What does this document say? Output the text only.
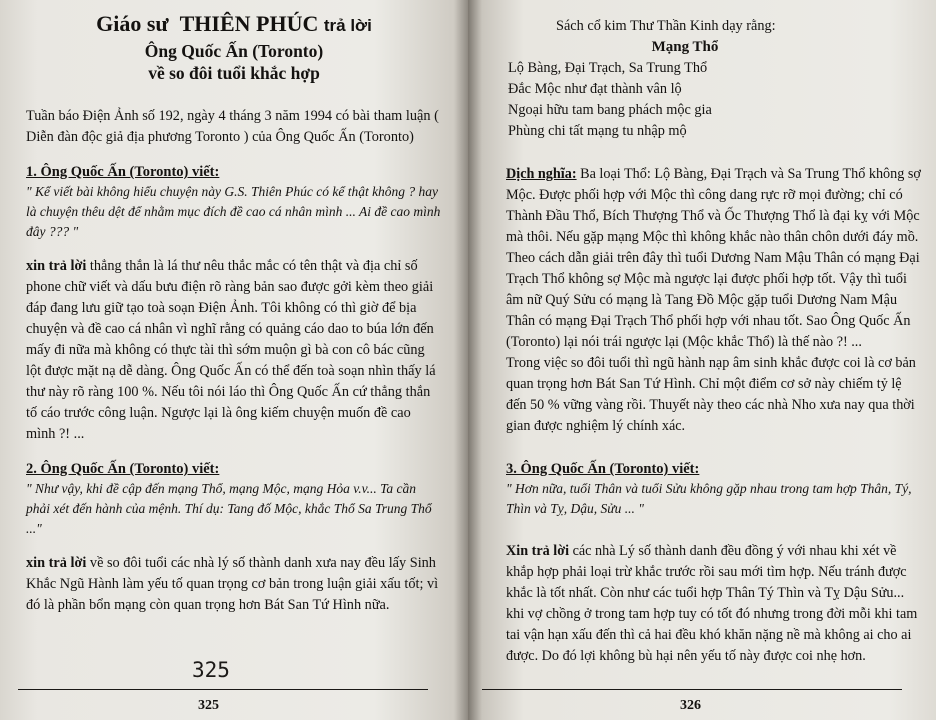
Giáo sư THIÊN PHÚC trả lời

Ông Quốc Ấn (Toronto)

về so đôi tuổi khắc hợp

Tuần báo Điện Ảnh số 192, ngày 4 tháng 3 năm 1994 có bài tham luận ( Diễn đàn độc giả địa phương Toronto ) của Ông Quốc Ấn (Toronto)

1. Ông Quốc Ấn (Toronto) viết:

" Kể viết bài không hiểu chuyện này G.S. Thiên Phúc có kể thật không ? hay là chuyện thêu dệt để nhằm mục đích đề cao cá nhân mình ... Ai đề cao mình đây ??? "

xin trả lời thẳng thắn là lá thư nêu thắc mắc có tên thật và địa chỉ số phone chữ viết và dấu bưu điện rõ ràng bản sao được gởi kèm theo giải đáp đang lưu giữ tạo toà soạn Điện Ảnh. Tôi không có thì giờ để bịa chuyện và đề cao cá nhân vì nghĩ rằng có quảng cáo dao to búa lớn đến mấy đi nữa mà không có thực tài thì sớm muộn gì bà con cô bác cũng lột được mặt nạ dễ dàng. Ông Quốc Ấn có thể đến toà soạn nhìn thấy lá thư này rõ ràng 100 %. Nếu tôi nói láo thì Ông Quốc Ấn cứ thẳng thắn tố cáo trước công luận. Ngược lại là ông kiếm chuyện muốn đề cao mình ?! ...

2. Ông Quốc Ấn (Toronto) viết:

" Như vậy, khi đề cập đến mạng Thổ, mạng Mộc, mạng Hỏa v.v... Ta cần phải xét đến hành của mệnh. Thí dụ: Tang đố Mộc, khắc Thổ Sa Trung Thổ ..."

xin trả lời về so đôi tuổi các nhà lý số thành danh xưa nay đều lấy Sinh Khắc Ngũ Hành làm yếu tố quan trọng cơ bản trong luận giải xấu tốt; vì đó là phần bổn mạng còn quan trọng hơn Bát San Tứ Hình nữa.

325
325

Sách cổ kim Thư Thần Kinh dạy rằng:

Mạng Thổ

Lộ Bàng, Đại Trạch, Sa Trung Thổ

Đắc Mộc như đạt thành vân lộ

Ngoại hữu tam bang phách mộc gia

Phùng chi tất mạng tu nhập mộ

Dịch nghĩa: Ba loại Thổ: Lộ Bàng, Đại Trạch và Sa Trung Thổ không sợ Mộc. Được phối hợp với Mộc thì công dang rực rỡ mọi đường; chỉ có Thành Đầu Thổ, Bích Thượng Thổ và Ốc Thượng Thổ là đại kỵ với Mộc mà thôi. Nếu gặp mạng Mộc thì không khắc nào thân chôn dưới đáy mồ.

Theo cách dẫn giải trên đây thì tuổi Dương Nam Mậu Thân có mạng Đại Trạch Thổ không sợ Mộc mà ngược lại được phối hợp tốt. Vậy thì tuổi âm nữ Quý Sửu có mạng là Tang Đồ Mộc gặp tuổi Dương Nam Mậu Thân có mạng Đại Trạch Thổ phối hợp với nhau tốt. Sao Ông Quốc Ấn (Toronto) lại nói trái ngược lại (Mộc khắc Thổ) là thế nào ?! ...

Trong việc so đôi tuổi thì ngũ hành nạp âm sinh khắc được coi là cơ bản quan trọng hơn Bát San Tứ Hình. Chỉ một điểm cơ sở này chiếm tỷ lệ đến 50 % vững vàng rồi. Thuyết này theo các nhà Nho xưa nay qua thời gian được nghiệm lý chính xác.

3. Ông Quốc Ấn (Toronto) viết:

" Hơn nữa, tuổi Thân và tuổi Sửu không gặp nhau trong tam hợp Thân, Tý, Thìn và Tỵ, Dậu, Sửu ... "

Xin trả lời các nhà Lý số thành danh đều đồng ý với nhau khi xét về khắp hợp phải loại trừ khắc trước rồi sau mới tìm hợp. Nếu tránh được khắc là tốt nhất. Còn như các tuổi hợp Thân Tý Thìn và Tỵ Dậu Sửu... khi vợ chồng ở trong tam hợp tuy có tốt đó nhưng trong đời mỗi khi tam tai vận hạn xấu đến thì cả hai đều khó khăn nặng nề mà không ai cho ai được. Do đó lợi không bù hại nên yếu tố này được coi nhẹ hơn.

326
